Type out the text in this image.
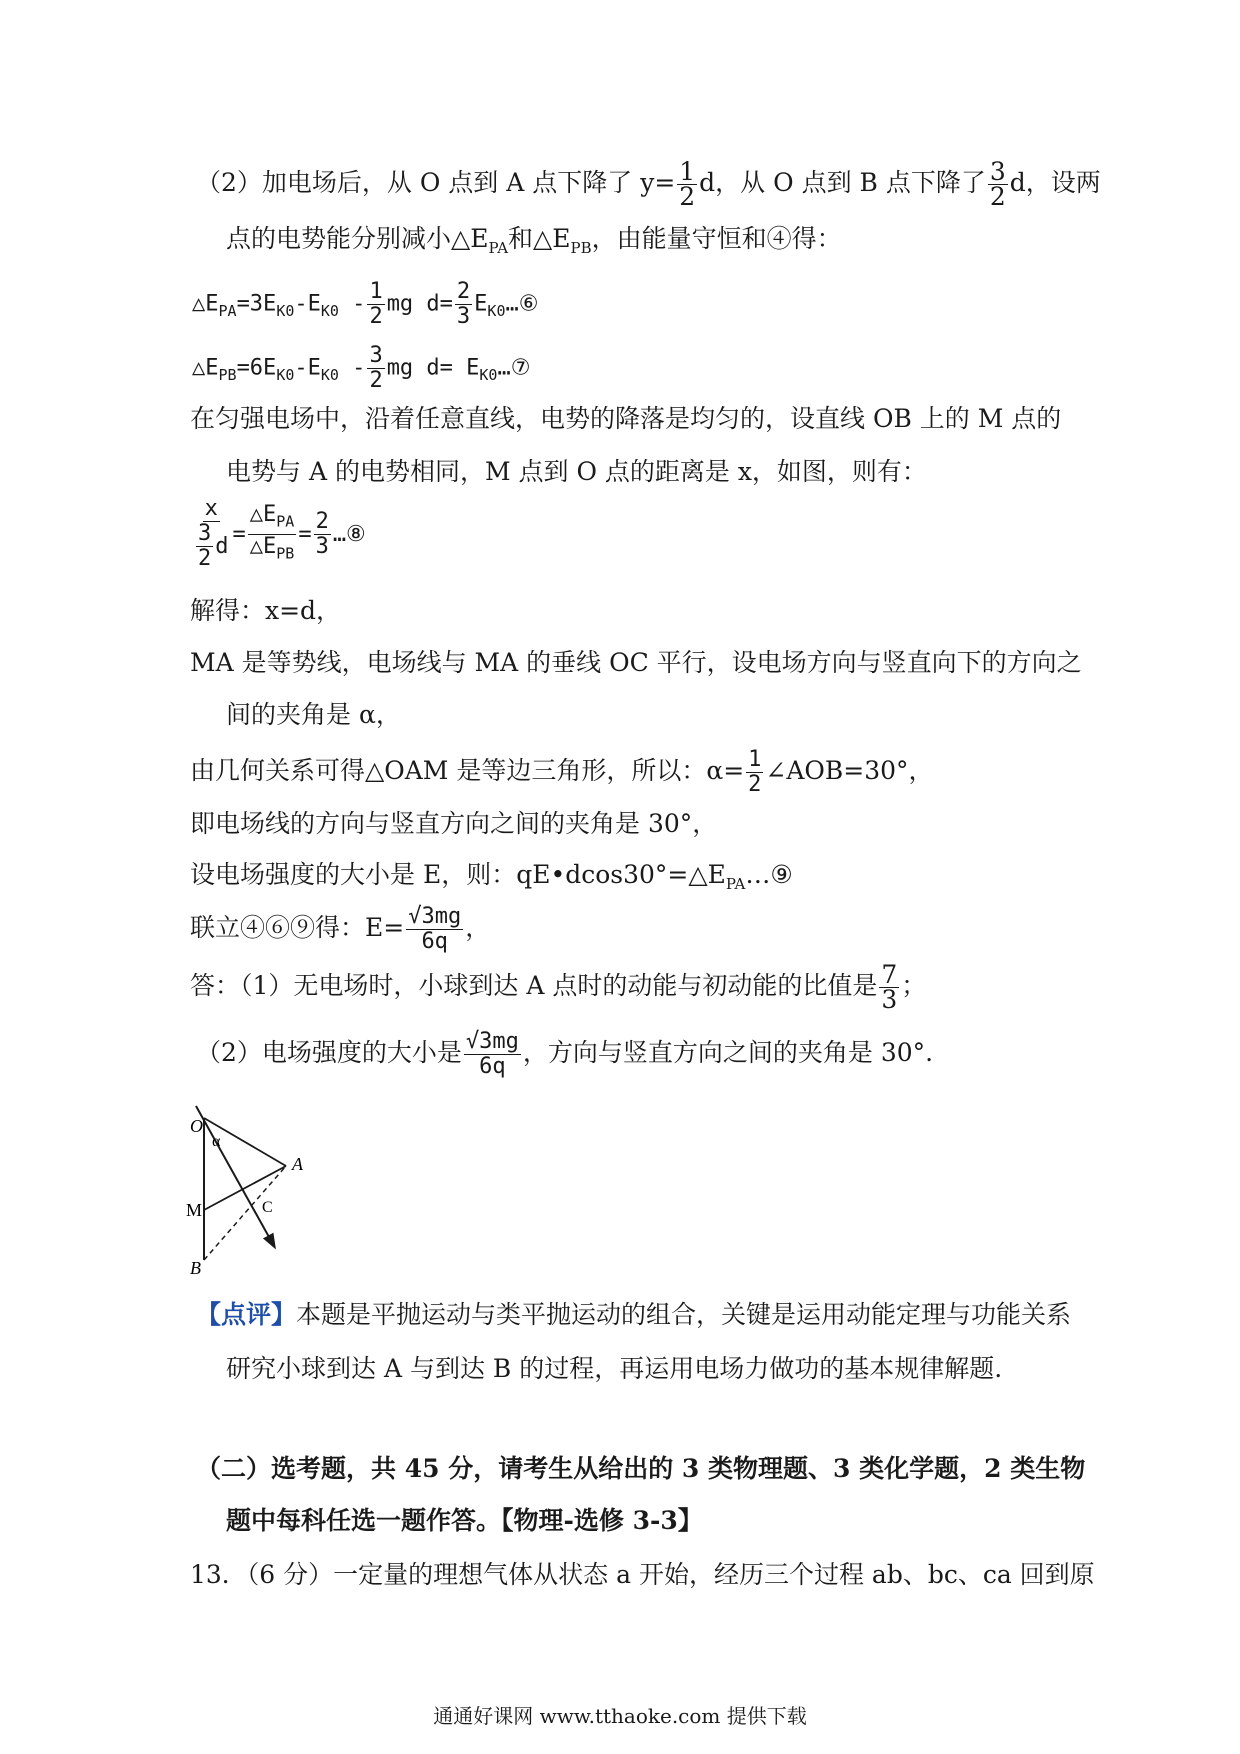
（2）加电场后，从 O 点到 A 点下降了 $y= \frac{1}{2}$ d，从 O 点到 B 点下降了 $\frac{3}{2}$ d，设两
点的电势能分别减小$\triangle E_{PA}$和$\triangle E_{PB}$，由能量守恒和④得：
$\triangle E_{PA}=3E_{K0}-E_{K0} - \frac{1}{2}$ mg $d= \frac{2}{3}$ $E_{K0}\dots ⑥$
$\triangle E_{PB}=6E_{K0}-E_{K0} - \frac{3}{2}$ mg $d= E_{K0}\dots ⑦$
在匀强电场中，沿着任意直线，电势的降落是均匀的，设直线 OB 上的 M 点的
电势与 A 的电势相同，M 点到 O 点的距离是 x，如图，则有：
$\frac{x}{\frac{3}{2} d} = \frac{\triangle E_{PA}}{\triangle E_{PB}} = \frac{2}{3}$ …⑧
解得：x=d，
MA 是等势线，电场线与 MA 的垂线 OC 平行，设电场方向与竖直向下的方向之
间的夹角是 α，
由几何关系可得△OAM 是等边三角形，所以：$\alpha= \frac{1}{2}$ ∠AOB=30°，
即电场线的方向与竖直方向之间的夹角是 30°，
设电场强度的大小是 E，则：$qE•dcos30^\circ=\triangle E_{PA}\dots ⑨$
联立④⑥⑨得：$E= \frac{√3mg}{6q}$ ，
答：（1）无电场时，小球到达 A 点时的动能与初动能的比值是 $\frac{7}{3}$ ；
（2）电场强度的大小是 $\frac{√3mg}{6q}$ ，方向与竖直方向之间的夹角是 30°.
O
α
A
M	C
B
【点评】本题是平抛运动与类平抛运动的组合，关键是运用动能定理与功能关系
研究小球到达 A 与到达 B 的过程，再运用电场力做功的基本规律解题.
（二）选考题，共 45 分，请考生从给出的 3 类物理题、3 类化学题，2 类生物
题中每科任选一题作答。【物理-选修 3-3】
13．（6 分）一定量的理想气体从状态 a 开始，经历三个过程 ab、bc、ca 回到原
通通好课网 www.tthaoke.com 提供下载
